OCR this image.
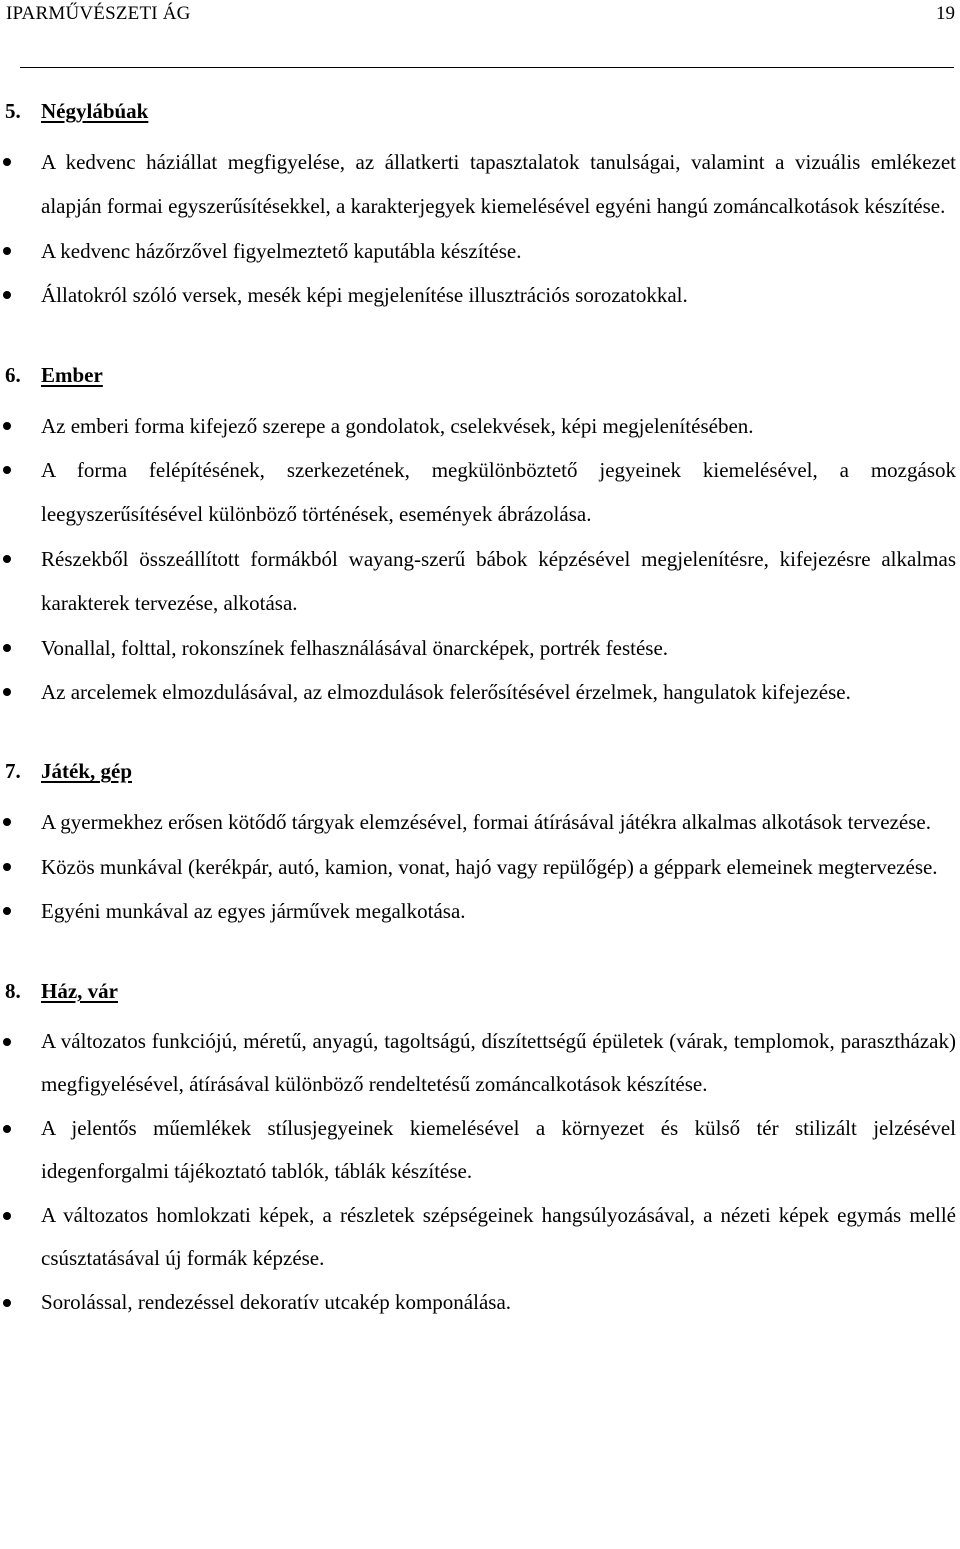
IPARMŰVÉSZETI ÁG	19
5. Négylábúak
A kedvenc háziállat megfigyelése, az állatkerti tapasztalatok tanulságai, valamint a vizuális emlékezet alapján formai egyszerűsítésekkel, a karakterjegyek kiemelésével egyéni hangú zománcalkotások készítése.
A kedvenc házőrzővel figyelmeztető kaputábla készítése.
Állatokról szóló versek, mesék képi megjelenítése illusztrációs sorozatokkal.
6. Ember
Az emberi forma kifejező szerepe a gondolatok, cselekvések, képi megjelenítésében.
A forma felépítésének, szerkezetének, megkülönböztető jegyeinek kiemelésével, a mozgások leegyszerűsítésével különböző történések, események ábrázolása.
Részekből összeállított formákból wayang-szerű bábok képzésével megjelenítésre, kifejezésre alkalmas karakterek tervezése, alkotása.
Vonallal, folttal, rokonszínek felhasználásával önarcképek, portrék festése.
Az arcelemek elmozdulásával, az elmozdulások felerősítésével érzelmek, hangulatok kifejezése.
7. Játék, gép
A gyermekhez erősen kötődő tárgyak elemzésével, formai átírásával játékra alkalmas alkotások tervezése.
Közös munkával (kerékpár, autó, kamion, vonat, hajó vagy repülőgép) a géppark elemeinek megtervezése.
Egyéni munkával az egyes járművek megalkotása.
8. Ház, vár
A változatos funkciójú, méretű, anyagú, tagoltságú, díszítettségű épületek (várak, templomok, parasztházak) megfigyelésével, átírásával különböző rendeltetésű zománcalkotások készítése.
A jelentős műemlékek stílusjegyeinek kiemelésével a környezet és külső tér stilizált jelzésével idegenforgalmi tájékoztató tablók, táblák készítése.
A változatos homlokzati képek, a részletek szépségeinek hangsúlyozásával, a nézeti képek egymás mellé csúsztatásával új formák képzése.
Sorolással, rendezéssel dekoratív utcakép komponálása.
